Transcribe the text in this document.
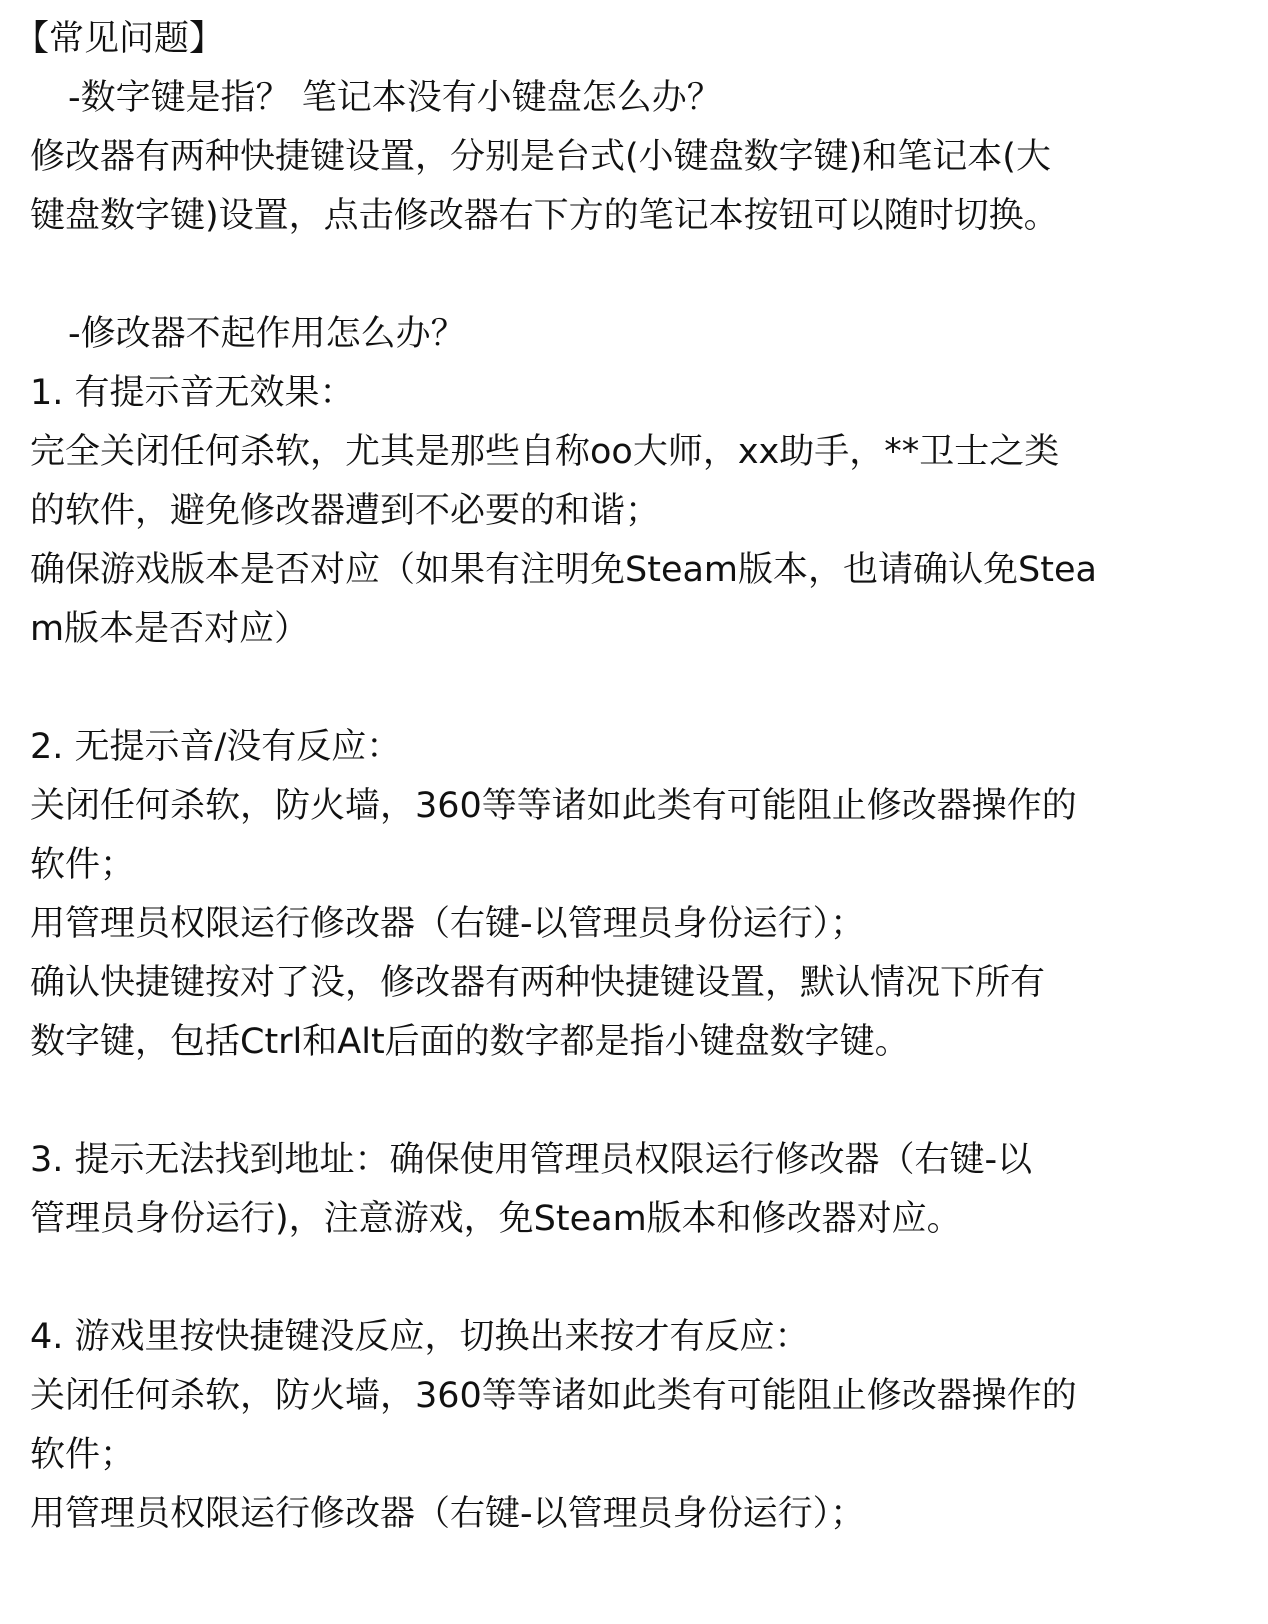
【常见问题】
-数字键是指？ 笔记本没有小键盘怎么办？
修改器有两种快捷键设置，分别是台式(小键盘数字键)和笔记本(大
键盘数字键)设置，点击修改器右下方的笔记本按钮可以随时切换。
-修改器不起作用怎么办？
1. 有提示音无效果：
完全关闭任何杀软，尤其是那些自称oo大师，xx助手，**卫士之类
的软件，避免修改器遭到不必要的和谐；
确保游戏版本是否对应（如果有注明免Steam版本，也请确认免Stea
m版本是否对应）
2. 无提示音/没有反应：
关闭任何杀软，防火墙，360等等诸如此类有可能阻止修改器操作的
软件；
用管理员权限运行修改器（右键-以管理员身份运行）；
确认快捷键按对了没，修改器有两种快捷键设置，默认情况下所有
数字键，包括Ctrl和Alt后面的数字都是指小键盘数字键。
3. 提示无法找到地址：确保使用管理员权限运行修改器（右键-以
管理员身份运行)，注意游戏，免Steam版本和修改器对应。
4. 游戏里按快捷键没反应，切换出来按才有反应：
关闭任何杀软，防火墙，360等等诸如此类有可能阻止修改器操作的
软件；
用管理员权限运行修改器（右键-以管理员身份运行）；
